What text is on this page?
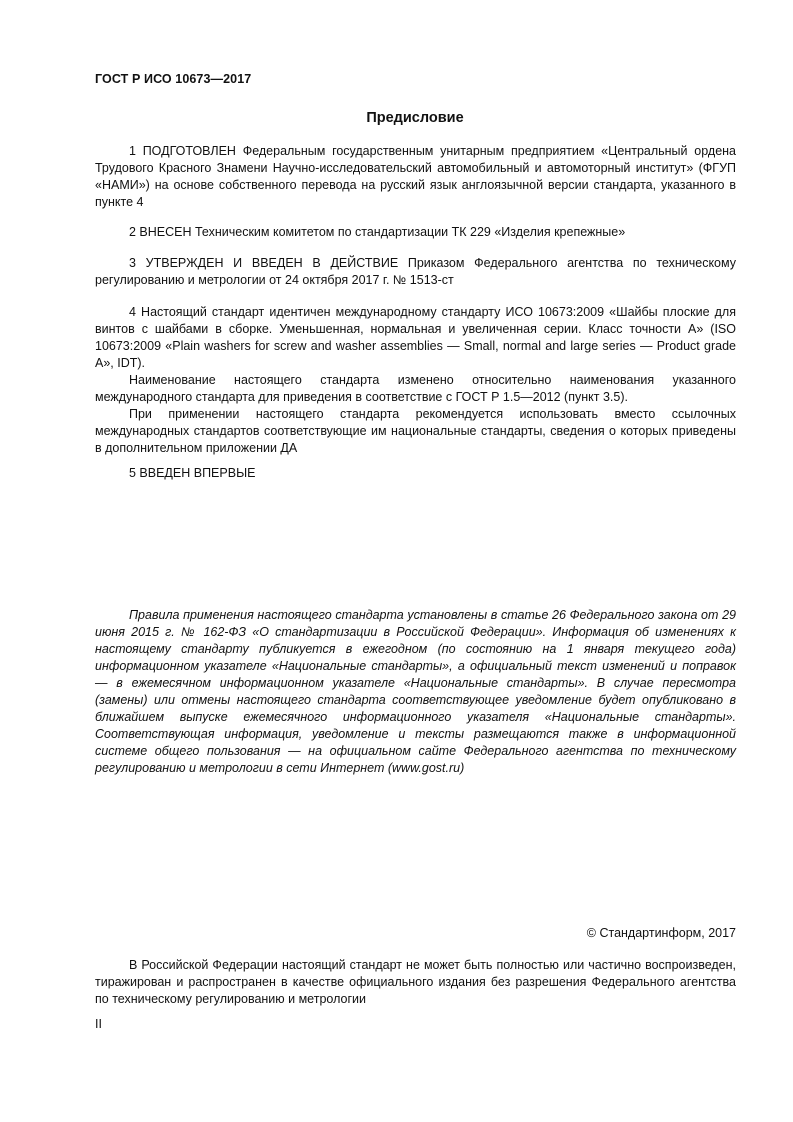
ГОСТ Р ИСО 10673—2017
Предисловие

1 ПОДГОТОВЛЕН Федеральным государственным унитарным предприятием «Центральный ордена Трудового Красного Знамени Научно-исследовательский автомобильный и автомоторный институт» (ФГУП «НАМИ») на основе собственного перевода на русский язык англоязычной версии стандарта, указанного в пункте 4

2 ВНЕСЕН Техническим комитетом по стандартизации ТК 229 «Изделия крепежные»

3 УТВЕРЖДЕН И ВВЕДЕН В ДЕЙСТВИЕ Приказом Федерального агентства по техническому регулированию и метрологии от 24 октября 2017 г. № 1513-ст

4 Настоящий стандарт идентичен международному стандарту ИСО 10673:2009 «Шайбы плоские для винтов с шайбами в сборке. Уменьшенная, нормальная и увеличенная серии. Класс точности А» (ISO 10673:2009 «Plain washers for screw and washer assemblies — Small, normal and large series — Product grade A», IDT).

Наименование настоящего стандарта изменено относительно наименования указанного международного стандарта для приведения в соответствие с ГОСТ Р 1.5—2012 (пункт 3.5).

При применении настоящего стандарта рекомендуется использовать вместо ссылочных международных стандартов соответствующие им национальные стандарты, сведения о которых приведены в дополнительном приложении ДА

5 ВВЕДЕН ВПЕРВЫЕ

Правила применения настоящего стандарта установлены в статье 26 Федерального закона от 29 июня 2015 г. № 162-ФЗ «О стандартизации в Российской Федерации». Информация об изменениях к настоящему стандарту публикуется в ежегодном (по состоянию на 1 января текущего года) информационном указателе «Национальные стандарты», а официальный текст изменений и поправок — в ежемесячном информационном указателе «Национальные стандарты». В случае пересмотра (замены) или отмены настоящего стандарта соответствующее уведомление будет опубликовано в ближайшем выпуске ежемесячного информационного указателя «Национальные стандарты». Соответствующая информация, уведомление и тексты размещаются также в информационной системе общего пользования — на официальном сайте Федерального агентства по техническому регулированию и метрологии в сети Интернет (www.gost.ru)

© Стандартинформ, 2017

В Российской Федерации настоящий стандарт не может быть полностью или частично воспроизведен, тиражирован и распространен в качестве официального издания без разрешения Федерального агентства по техническому регулированию и метрологии

II
